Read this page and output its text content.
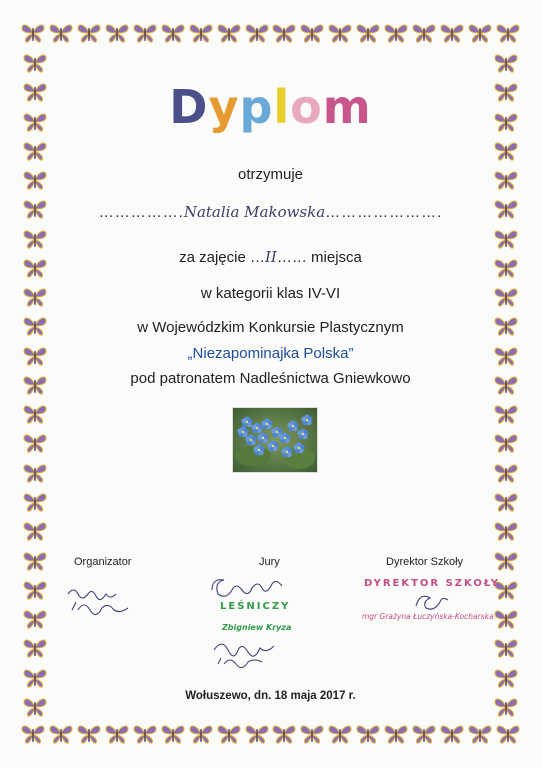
Dyplom
otrzymuje
…………….Natalia Makowska………………….
za zajęcie …II…… miejsca
w kategorii klas IV-VI
w Wojewódzkim Konkursie Plastycznym
„Niezapominajka Polska”
pod patronatem Nadleśnictwa Gniewkowo
Organizator	Jury	Dyrektor Szkoły
LEŚNICZY
Zbigniew Kryza
DYREKTOR SZKOŁY
mgr Grażyna Łuczyńska-Kocharska
Wołuszewo, dn. 18 maja 2017 r.
